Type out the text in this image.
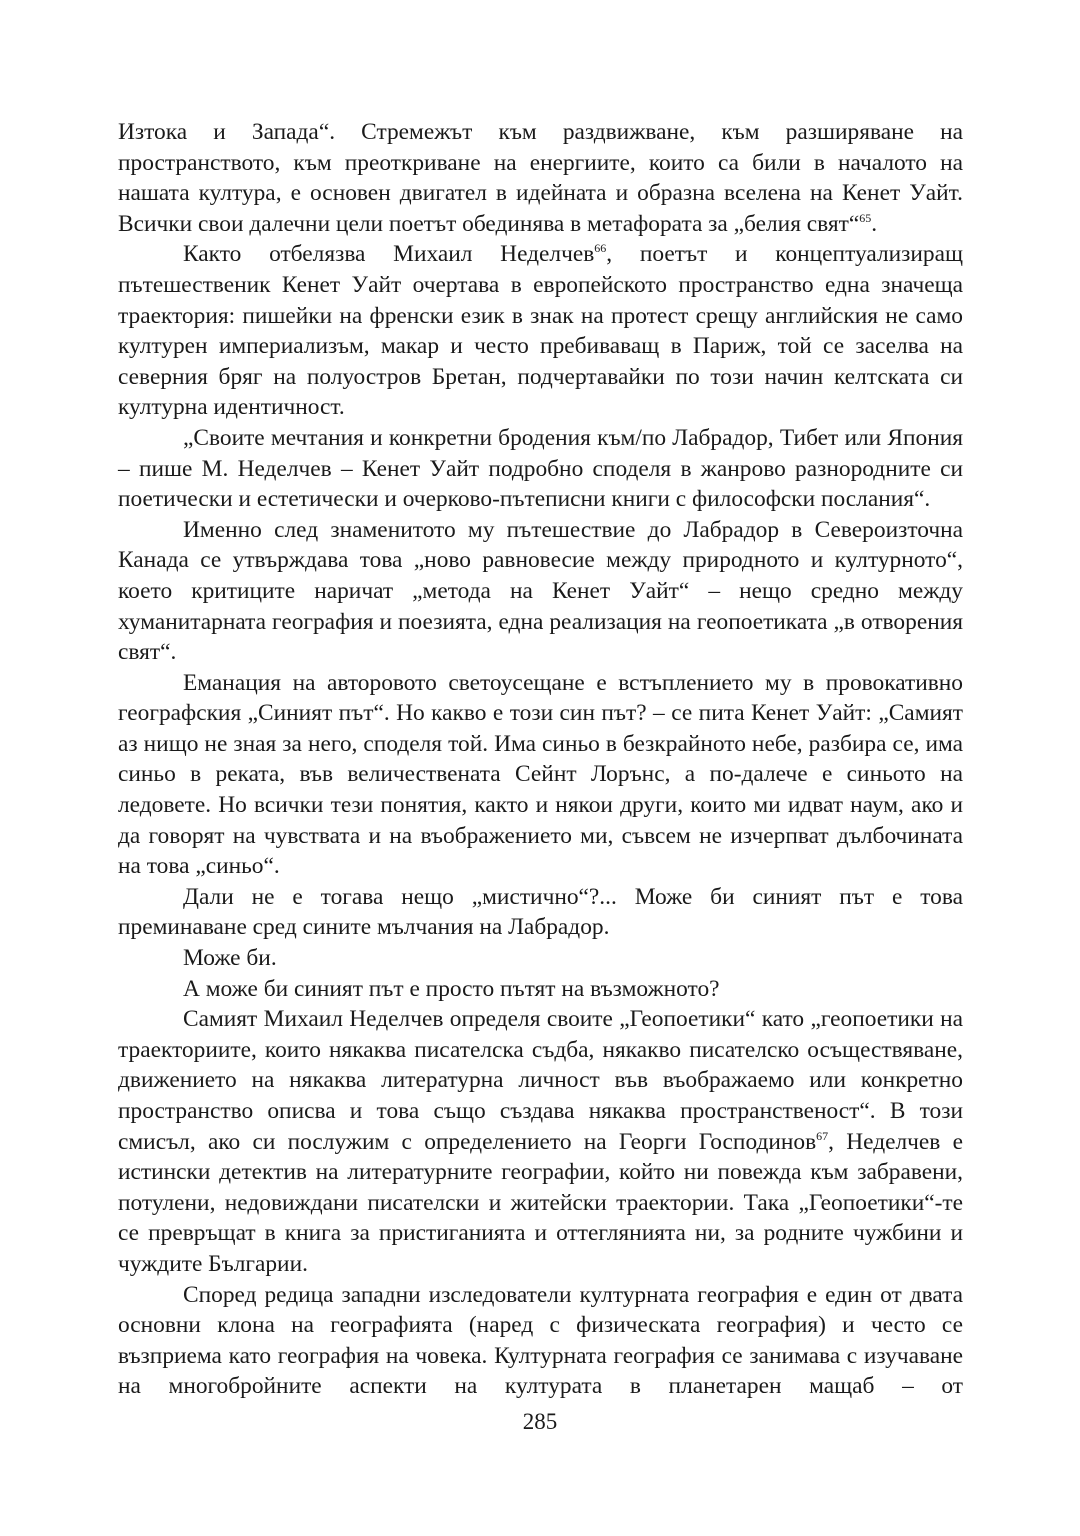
Изтока и Запада“. Стремежът към раздвижване, към разширяване на пространството, към преоткриване на енергиите, които са били в началото на нашата култура, е основен двигател в идейната и образна вселена на Кенет Уайт. Всички свои далечни цели поетът обединява в метафората за „белия свят“$^{65}$.

Както отбелязва Михаил Неделчев$^{66}$, поетът и концептуализиращ пътешественик Кенет Уайт очертава в европейското пространство една значеща траектория: пишейки на френски език в знак на протест срещу английския не само културен империализъм, макар и често пребиваващ в Париж, той се заселва на северния бряг на полуостров Бретан, подчертавайки по този начин келтската си културна идентичност.

„Своите мечтания и конкретни бродения към/по Лабрадор, Тибет или Япония – пише М. Неделчев – Кенет Уайт подробно споделя в жанрово разнородните си поетически и естетически и очерково-пътеписни книги с философски послания“.

Именно след знаменитото му пътешествие до Лабрадор в Североизточна Канада се утвърждава това „ново равновесие между природното и културното“, което критиците наричат „метода на Кенет Уайт“ – нещо средно между хуманитарната география и поезията, една реализация на геопоетиката „в отворения свят“.

Еманация на авторовото светоусещане е встъплението му в провокативно географския „Синият път“. Но какво е този син път? – се пита Кенет Уайт: „Самият аз нищо не зная за него, споделя той. Има синьо в безкрайното небе, разбира се, има синьо в реката, във величествената Сейнт Лорънс, а по-далече е синьото на ледовете. Но всички тези понятия, както и някои други, които ми идват наум, ако и да говорят на чувствата и на въображението ми, съвсем не изчерпват дълбочината на това „синьо“.

Дали не е тогава нещо „мистично“?... Може би синият път е това преминаване сред сините мълчания на Лабрадор.

Може би.

А може би синият път е просто пътят на възможното?

Самият Михаил Неделчев определя своите „Геопоетики“ като „геопоетики на траекториите, които някаква писателска съдба, някакво писателско осъществяване, движението на някаква литературна личност във въображаемо или конкретно пространство описва и това също създава някаква пространственост“. В този смисъл, ако си послужим с определението на Георги Господинов$^{67}$, Неделчев е истински детектив на литературните географии, който ни повежда към забравени, потулени, недовиждани писателски и житейски траектории. Така „Геопоетики“-те се превръщат в книга за пристиганията и оттеглянията ни, за родните чужбини и чуждите Българии.

Според редица западни изследователи културната география е един от двата основни клона на географията (наред с физическата география) и често се възприема като география на човека. Културната география се занимава с изучаване на многобройните аспекти на културата в планетарен мащаб – от

285
